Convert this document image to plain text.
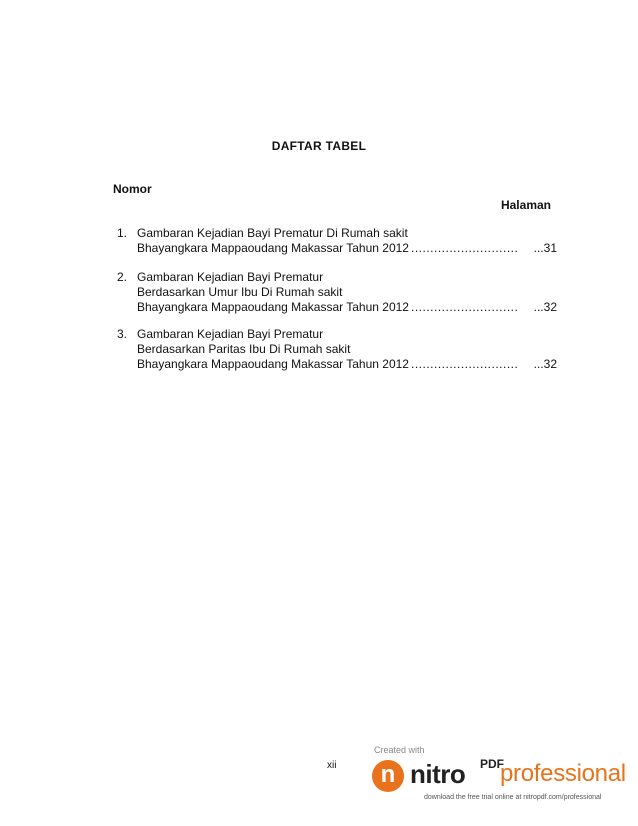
DAFTAR TABEL
Nomor
Halaman
1. Gambaran Kejadian Bayi Prematur Di Rumah sakit
Bhayangkara Mappaoudang Makassar Tahun 2012 ............................	...31
2. Gambaran Kejadian Bayi Prematur
Berdasarkan Umur Ibu Di Rumah sakit
Bhayangkara Mappaoudang Makassar Tahun 2012 ............................	...32
3. Gambaran Kejadian Bayi Prematur
Berdasarkan Paritas Ibu Di Rumah sakit
Bhayangkara Mappaoudang Makassar Tahun 2012 ............................	...32
xii
Created with
n nitro PDF
professional
download the free trial online at nitropdf.com/professional
